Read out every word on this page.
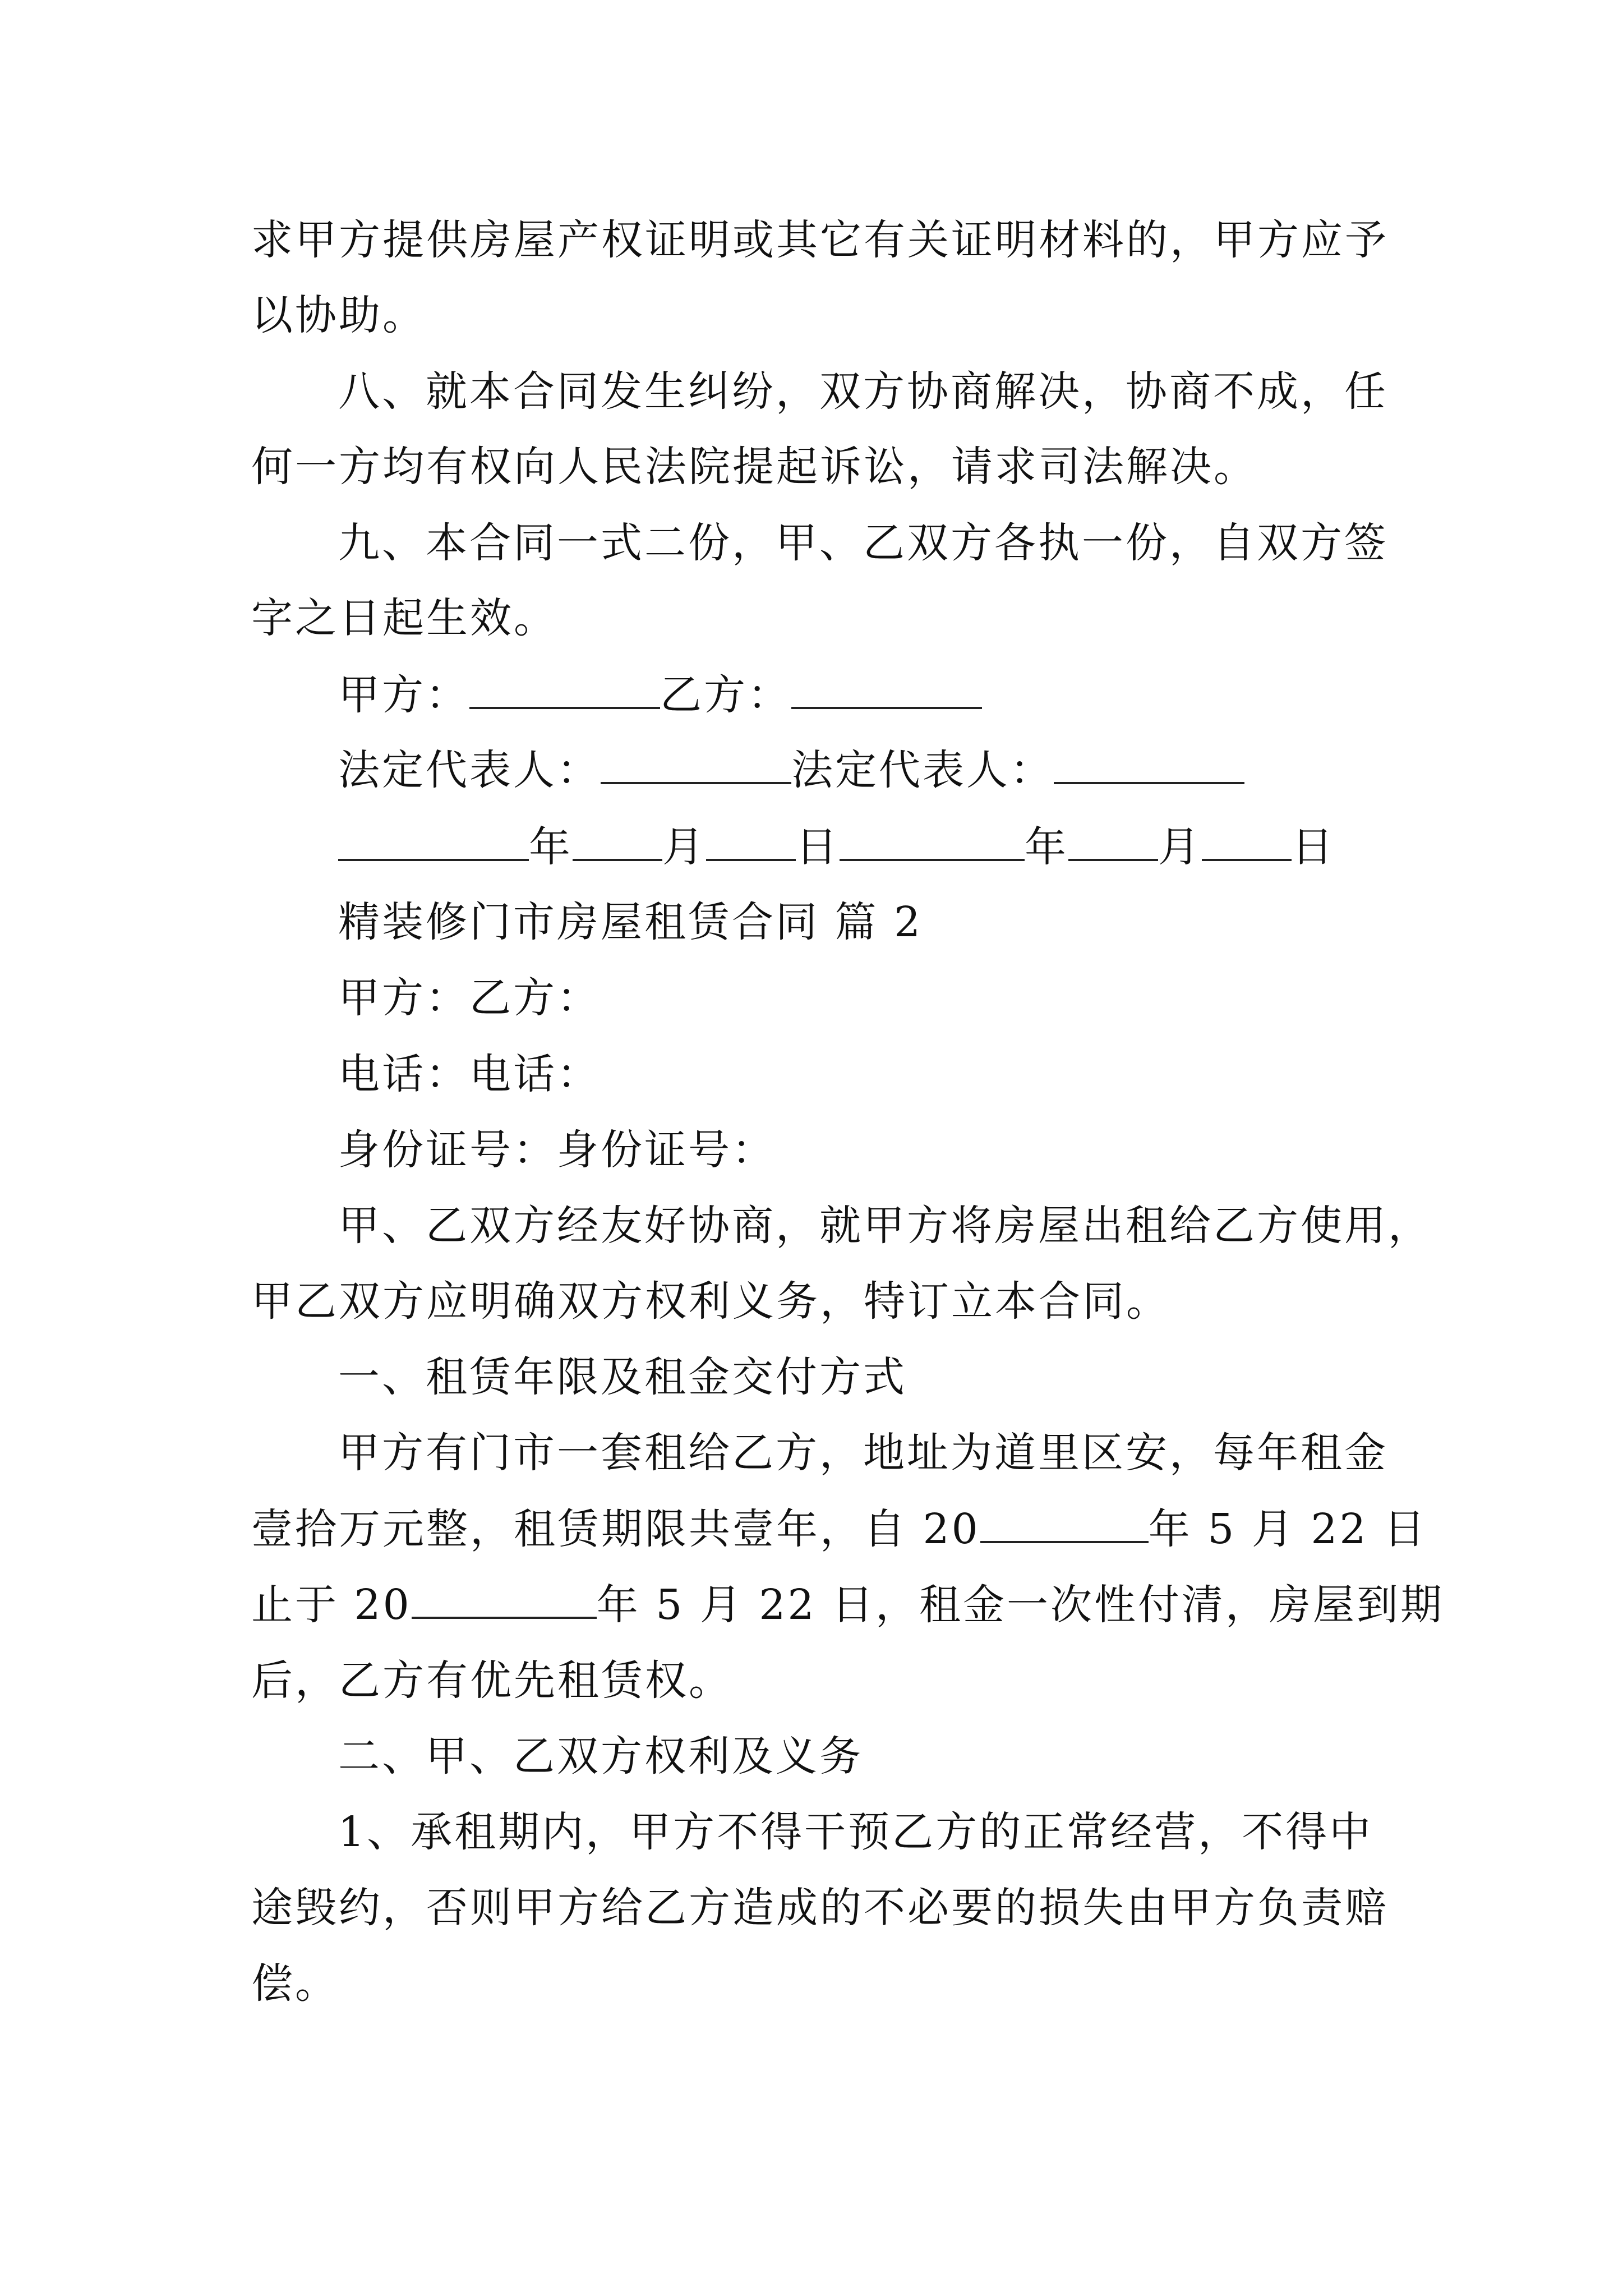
求甲方提供房屋产权证明或其它有关证明材料的，甲方应予
以协助。
八、就本合同发生纠纷，双方协商解决，协商不成，任
何一方均有权向人民法院提起诉讼，请求司法解决。
九、本合同一式二份，甲、乙双方各执一份，自双方签
字之日起生效。
甲方：	乙方：
法定代表人：	法定代表人：
年 月 日	年 月 日
精装修门市房屋租赁合同 篇 2
甲方：乙方：
电话：电话：
身份证号：身份证号：
甲、乙双方经友好协商，就甲方将房屋出租给乙方使用，
甲乙双方应明确双方权利义务，特订立本合同。
一、租赁年限及租金交付方式
甲方有门市一套租给乙方，地址为道里区安，每年租金
壹拾万元整，租赁期限共壹年，自 20	年 5 月 22 日
止于 20	年 5 月 22 日，租金一次性付清，房屋到期
后，乙方有优先租赁权。
二、甲、乙双方权利及义务
1、承租期内，甲方不得干预乙方的正常经营，不得中
途毁约，否则甲方给乙方造成的不必要的损失由甲方负责赔
偿。
